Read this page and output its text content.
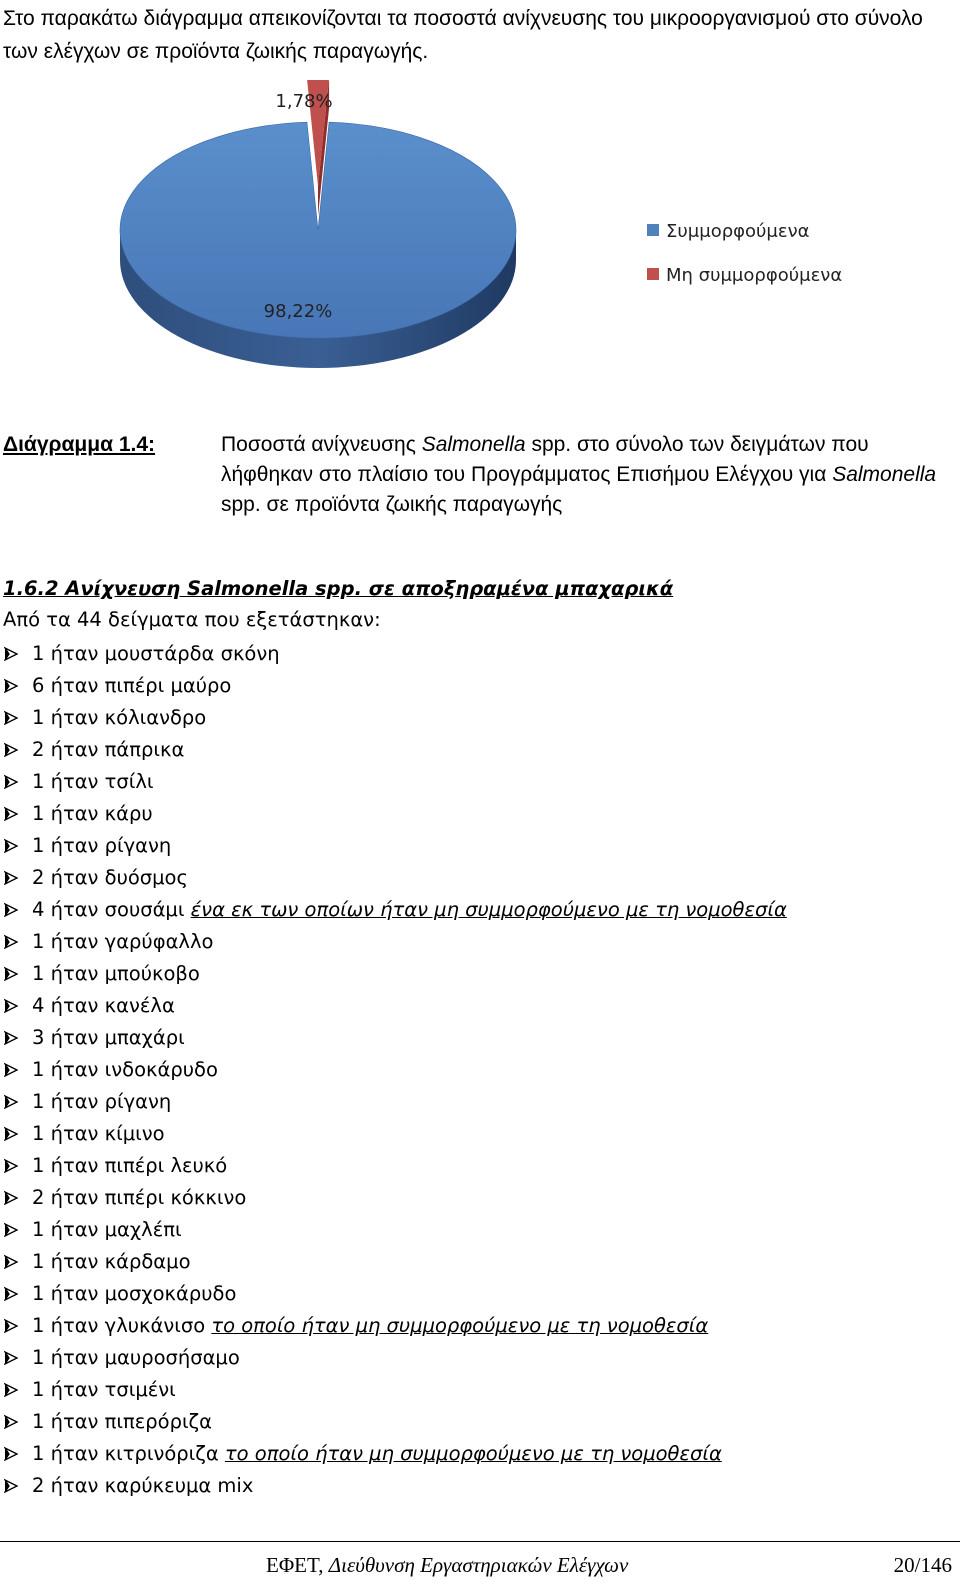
Στο παρακάτω διάγραμμα απεικονίζονται τα ποσοστά ανίχνευσης του μικροοργανισμού στο σύνολο των ελέγχων σε προϊόντα ζωικής παραγωγής.
98,22%
1,78%
Συμμορφούμενα
Μη συμμορφούμενα
Διάγραμμα 1.4:	Ποσοστά ανίχνευσης Salmonella spp. στο σύνολο των δειγμάτων που λήφθηκαν στο πλαίσιο του Προγράμματος Επισήμου Ελέγχου για Salmonella spp. σε προϊόντα ζωικής παραγωγής
1.6.2 Ανίχνευση Salmonella spp. σε αποξηραμένα μπαχαρικά
Από τα 44 δείγματα που εξετάστηκαν:
1 ήταν μουστάρδα σκόνη
6 ήταν πιπέρι μαύρο
1 ήταν κόλιανδρο
2 ήταν πάπρικα
1 ήταν τσίλι
1 ήταν κάρυ
1 ήταν ρίγανη
2 ήταν δυόσμος
4 ήταν σουσάμι ένα εκ των οποίων ήταν μη συμμορφούμενο με τη νομοθεσία
1 ήταν γαρύφαλλο
1 ήταν μπούκοβο
4 ήταν κανέλα
3 ήταν μπαχάρι
1 ήταν ινδοκάρυδο
1 ήταν ρίγανη
1 ήταν κίμινο
1 ήταν πιπέρι λευκό
2 ήταν πιπέρι κόκκινο
1 ήταν μαχλέπι
1 ήταν κάρδαμο
1 ήταν μοσχοκάρυδο
1 ήταν γλυκάνισο το οποίο ήταν μη συμμορφούμενο με τη νομοθεσία
1 ήταν μαυροσήσαμο
1 ήταν τσιμένι
1 ήταν πιπερόριζα
1 ήταν κιτρινόριζα το οποίο ήταν μη συμμορφούμενο με τη νομοθεσία
2 ήταν καρύκευμα mix
ΕΦΕΤ, Διεύθυνση Εργαστηριακών Ελέγχων	20/146
